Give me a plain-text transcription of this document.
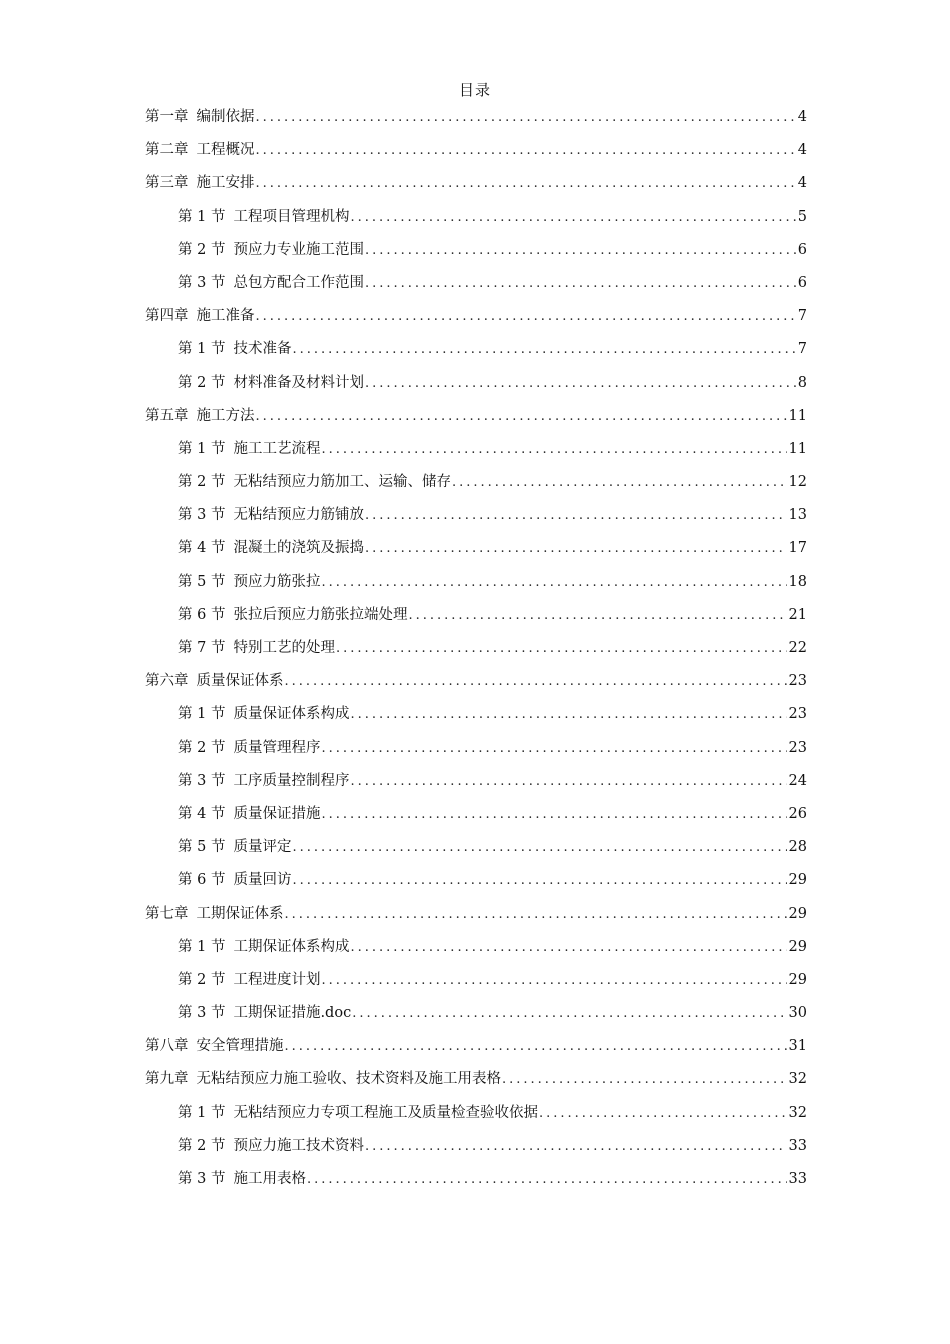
目录
第一章 编制依据 .....	4
第二章 工程概况 .....	4
第三章 施工安排 .....	4
第 1 节 工程项目管理机构 .....	5
第 2 节 预应力专业施工范围 .....	6
第 3 节 总包方配合工作范围 .....	6
第四章 施工准备 .....	7
第 1 节 技术准备 .....	7
第 2 节 材料准备及材料计划 .....	8
第五章 施工方法 .....	11
第 1 节 施工工艺流程 .....	11
第 2 节 无粘结预应力筋加工、运输、储存 .....	12
第 3 节 无粘结预应力筋铺放 .....	13
第 4 节 混凝土的浇筑及振捣 .....	17
第 5 节 预应力筋张拉 .....	18
第 6 节 张拉后预应力筋张拉端处理 .....	21
第 7 节 特别工艺的处理 .....	22
第六章 质量保证体系 .....	23
第 1 节 质量保证体系构成 .....	23
第 2 节 质量管理程序 .....	23
第 3 节 工序质量控制程序 .....	24
第 4 节 质量保证措施 .....	26
第 5 节 质量评定 .....	28
第 6 节 质量回访 .....	29
第七章 工期保证体系 .....	29
第 1 节 工期保证体系构成 .....	29
第 2 节 工程进度计划 .....	29
第 3 节 工期保证措施.doc .....	30
第八章 安全管理措施 .....	31
第九章 无粘结预应力施工验收、技术资料及施工用表格 .....	32
第 1 节 无粘结预应力专项工程施工及质量检查验收依据 .....	32
第 2 节 预应力施工技术资料 .....	33
第 3 节 施工用表格 .....	33
